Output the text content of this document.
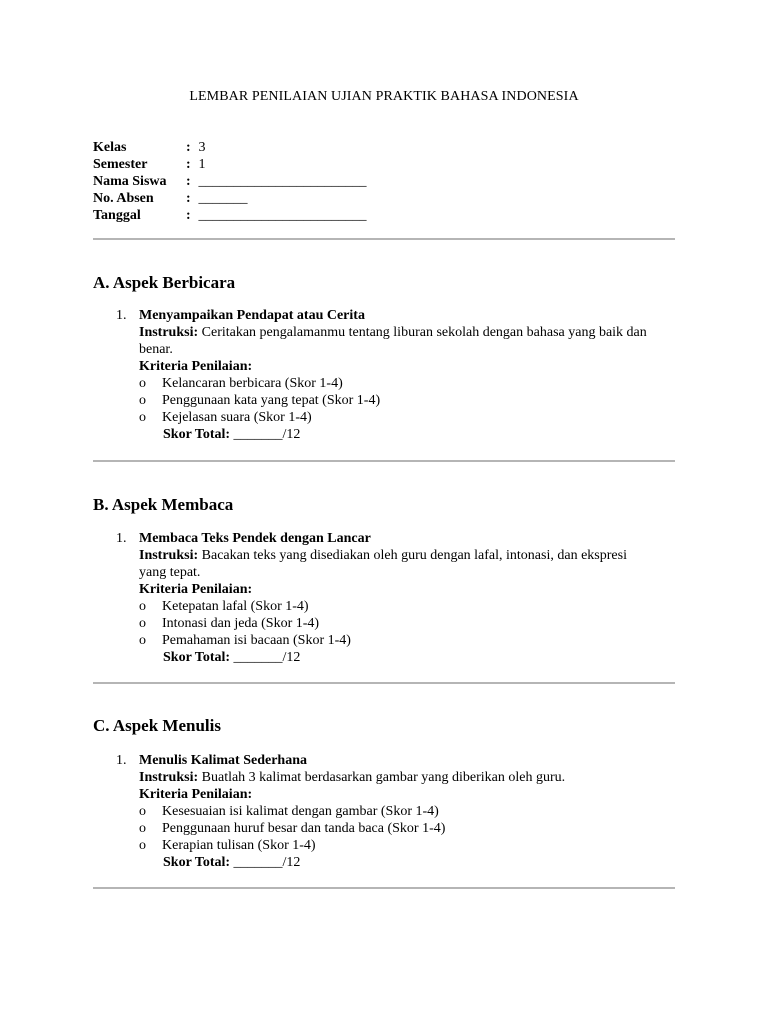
LEMBAR PENILAIAN UJIAN PRAKTIK BAHASA INDONESIA
Kelas	: 3
Semester	: 1
Nama Siswa	: ________________________
No. Absen	: _______
Tanggal	: ________________________
A. Aspek Berbicara
1. Menyampaikan Pendapat atau Cerita
Instruksi: Ceritakan pengalamanmu tentang liburan sekolah dengan bahasa yang baik dan benar.
Kriteria Penilaian:
o Kelancaran berbicara (Skor 1-4)
o Penggunaan kata yang tepat (Skor 1-4)
o Kejelasan suara (Skor 1-4)
Skor Total: _______/12
B. Aspek Membaca
1. Membaca Teks Pendek dengan Lancar
Instruksi: Bacakan teks yang disediakan oleh guru dengan lafal, intonasi, dan ekspresi yang tepat.
Kriteria Penilaian:
o Ketepatan lafal (Skor 1-4)
o Intonasi dan jeda (Skor 1-4)
o Pemahaman isi bacaan (Skor 1-4)
Skor Total: _______/12
C. Aspek Menulis
1. Menulis Kalimat Sederhana
Instruksi: Buatlah 3 kalimat berdasarkan gambar yang diberikan oleh guru.
Kriteria Penilaian:
o Kesesuaian isi kalimat dengan gambar (Skor 1-4)
o Penggunaan huruf besar dan tanda baca (Skor 1-4)
o Kerapian tulisan (Skor 1-4)
Skor Total: _______/12
